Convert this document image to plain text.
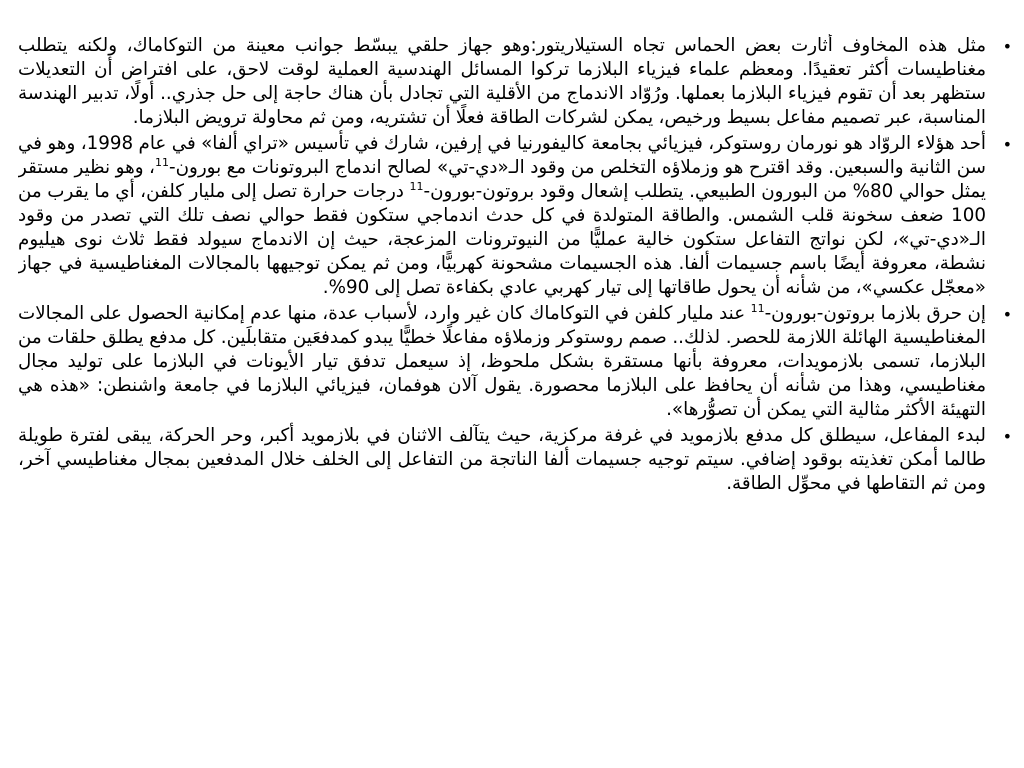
•
مثل هذه المخاوف أثارت بعض الحماس تجاه الستيلاريتور:وهو جهاز حلقي يبسّط جوانب معينة من التوكاماك، ولكنه يتطلب مغناطيسات أكثر تعقيدًا. ومعظم علماء فيزياء البلازما تركوا المسائل الهندسية العملية لوقت لاحق، على افتراض أن التعديلات ستظهر بعد أن تقوم فيزياء البلازما بعملها. ورُوّاد الاندماج من الأقلية التي تجادل بأن هناك حاجة إلى حل جذري.. أولًا، تدبير الهندسة المناسبة، عبر تصميم مفاعل بسيط ورخيص، يمكن لشركات الطاقة فعلًا أن تشتريه، ومن ثم محاولة ترويض البلازما.
•
أحد هؤلاء الروّاد هو نورمان روستوكر، فيزيائي بجامعة كاليفورنيا في إرفين، شارك في تأسيس «تراي ألفا» في عام 1998، وهو في سن الثانية والسبعين. وقد اقترح هو وزملاؤه التخلص من وقود الـ«دي-تي» لصالح اندماج البروتونات مع بورون-$^{11}$، وهو نظير مستقر يمثل حوالي 80% من البورون الطبيعي. يتطلب إشعال وقود بروتون-بورون-$^{11}$ درجات حرارة تصل إلى مليار كلفن، أي ما يقرب من 100 ضعف سخونة قلب الشمس. والطاقة المتولدة في كل حدث اندماجي ستكون فقط حوالي نصف تلك التي تصدر من وقود الـ«دي-تي»، لكن نواتج التفاعل ستكون خالية عمليًّا من النيوترونات المزعجة، حيث إن الاندماج سيولد فقط ثلاث نوى هيليوم نشطة، معروفة أيضًا باسم جسيمات ألفا. هذه الجسيمات مشحونة كهربيًّا، ومن ثم يمكن توجيهها بالمجالات المغناطيسية في جهاز «معجّل عكسي»، من شأنه أن يحول طاقاتها إلى تيار كهربي عادي بكفاءة تصل إلى 90%.
•
إن حرق بلازما بروتون-بورون-$^{11}$ عند مليار كلفن في التوكاماك كان غير وارد، لأسباب عدة، منها عدم إمكانية الحصول على المجالات المغناطيسية الهائلة اللازمة للحصر. لذلك.. صمم روستوكر وزملاؤه مفاعلًا خطيًّا يبدو كمدفعَين متقابلَين. كل مدفع يطلق حلقات من البلازما، تسمى بلازمويدات، معروفة بأنها مستقرة بشكل ملحوظ، إذ سيعمل تدفق تيار الأيونات في البلازما على توليد مجال مغناطيسي، وهذا من شأنه أن يحافظ على البلازما محصورة. يقول آلان هوفمان، فيزيائي البلازما في جامعة واشنطن: «هذه هي التهيئة الأكثر مثالية التي يمكن أن تصوُّرها».
•
لبدء المفاعل، سيطلق كل مدفع بلازمويد في غرفة مركزية، حيث يتآلف الاثنان في بلازمويد أكبر، وحر الحركة، يبقى لفترة طويلة طالما أمكن تغذيته بوقود إضافي. سيتم توجيه جسيمات ألفا الناتجة من التفاعل إلى الخلف خلال المدفعين بمجال مغناطيسي آخر، ومن ثم التقاطها في محوِّل الطاقة.
